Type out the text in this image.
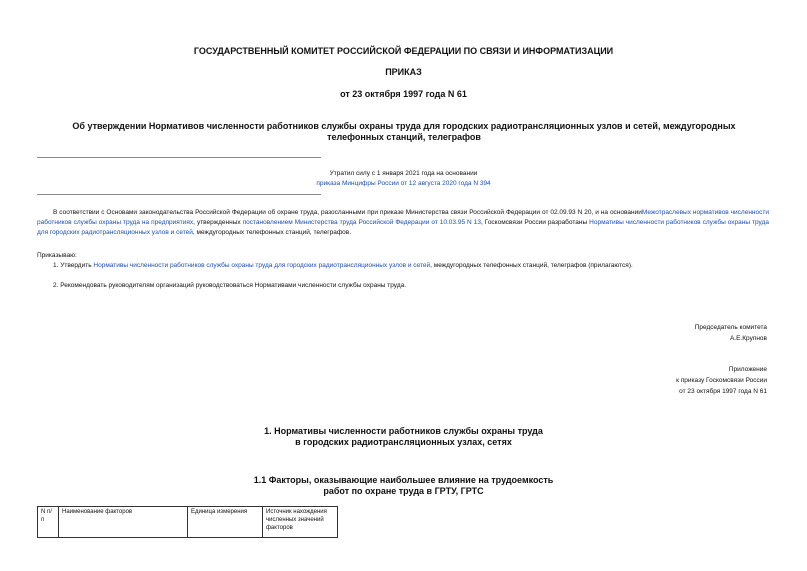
ГОСУДАРСТВЕННЫЙ КОМИТЕТ РОССИЙСКОЙ ФЕДЕРАЦИИ ПО СВЯЗИ И ИНФОРМАТИЗАЦИИ
ПРИКАЗ
от 23 октября 1997 года N 61
Об утверждении Нормативов численности работников службы охраны труда для городских радиотрансляционных узлов и сетей, междугородных телефонных станций, телеграфов
Утратил силу с 1 января 2021 года на основании
приказа Минцифры России от 12 августа 2020 года N 394
В соответствии с Основами законодательства Российской Федерации об охране труда, разосланными при приказе Министерства связи Российской Федерации от 02.09.93 N 20, и на основанииМежотраслевых нормативов численности работников службы охраны труда на предприятиях, утвержденных постановлением Министерства труда Российской Федерации от 10.03.95 N 13, Госкомсвязи России разработаны Нормативы численности работников службы охраны труда для городских радиотрансляционных узлов и сетей, междугородных телефонных станций, телеграфов.
Приказываю:
1. Утвердить Нормативы численности работников службы охраны труда для городских радиотрансляционных узлов и сетей, междугородных телефонных станций, телеграфов (прилагаются).
2. Рекомендовать руководителям организаций руководствоваться Нормативами численности службы охраны труда.
Председатель комитета
А.Е.Крупнов
Приложение
к приказу Госкомсвязи России
от 23 октября 1997 года N 61
1. Нормативы численности работников службы охраны труда
в городских радиотрансляционных узлах, сетях
1.1 Факторы, оказывающие наибольшее влияние на трудоемкость
работ по охране труда в ГРТУ, ГРТС
N п/п	Наименование факторов	Единица измерения	Источник нахождения численных значений факторов
